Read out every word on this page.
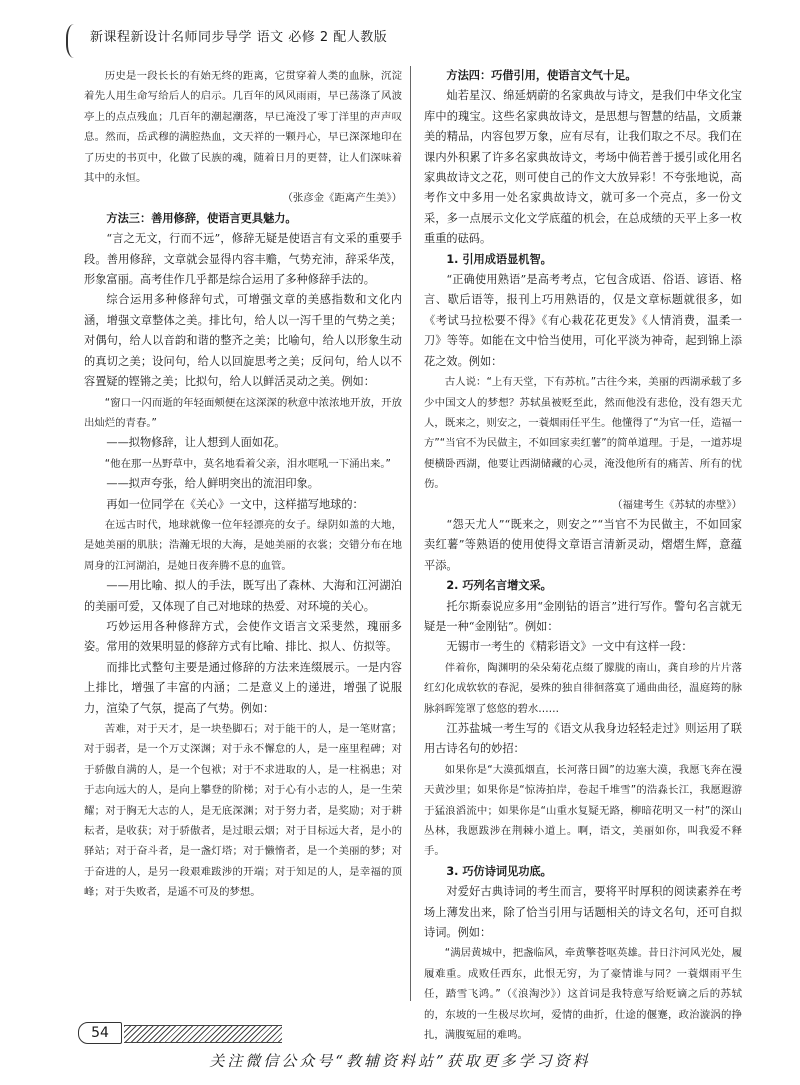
新课程新设计名师同步导学 语文 必修 2 配人教版

历史是一段长长的有始无终的距离，它贯穿着人类的血脉，沉淀着先人用生命写给后人的启示。几百年的风风雨雨，早已荡涤了风波亭上的点点残血；几百年的潮起潮落，早已淹没了零丁洋里的声声叹息。然而，岳武穆的满腔热血，文天祥的一颗丹心，早已深深地印在了历史的书页中，化做了民族的魂，随着日月的更替，让人们深味着其中的永恒。

（张彦金《距离产生美》）

方法三：善用修辞，使语言更具魅力。

“言之无文，行而不远”，修辞无疑是使语言有文采的重要手段。善用修辞，文章就会显得内容丰赡，气势充沛，辞采华茂，形象富丽。高考佳作几乎都是综合运用了多种修辞手法的。

综合运用多种修辞句式，可增强文章的美感指数和文化内涵，增强文章整体之美。排比句，给人以一泻千里的气势之美；对偶句，给人以音韵和谐的整齐之美；比喻句，给人以形象生动的真切之美；设问句，给人以回旋思考之美；反问句，给人以不容置疑的铿锵之美；比拟句，给人以鲜活灵动之美。例如：

“窗口一闪而逝的年轻面颊便在这深深的秋意中浓浓地开放，开放出灿烂的青春。”

——拟物修辞，让人想到人面如花。

“他在那一丛野草中，莫名地看着父亲，泪水哐吼一下涌出来。”

——拟声夸张，给人鲜明突出的流泪印象。

再如一位同学在《关心》一文中，这样描写地球的：

在远古时代，地球就像一位年轻漂亮的女子。绿阴如盖的大地，是她美丽的肌肤；浩瀚无垠的大海，是她美丽的衣裳；交错分布在地周身的江河湖泊，是她日夜奔腾不息的血管。

——用比喻、拟人的手法，既写出了森林、大海和江河湖泊的美丽可爱，又体现了自己对地球的热爱、对环境的关心。

巧妙运用各种修辞方式，会使作文语言文采斐然，瑰丽多姿。常用的效果明显的修辞方式有比喻、排比、拟人、仿拟等。

而排比式整句主要是通过修辞的方法来连缀展示。一是内容上排比，增强了丰富的内涵；二是意义上的递进，增强了说服力，渲染了气氛，提高了气势。例如：

苦难，对于天才，是一块垫脚石；对于能干的人，是一笔财富；对于弱者，是一个万丈深渊；对于永不懈怠的人，是一座里程碑；对于骄傲自满的人，是一个包袱；对于不求进取的人，是一柱祸患；对于志向远大的人，是向上攀登的阶梯；对于心有小志的人，是一生荣耀；对于胸无大志的人，是无底深渊；对于努力者，是奖励；对于耕耘者，是收获；对于骄傲者，是过眼云烟；对于目标远大者，是小的驿站；对于奋斗者，是一盏灯塔；对于懒惰者，是一个美丽的梦；对于奋进的人，是另一段艰难跋涉的开端；对于知足的人，是幸福的顶峰；对于失败者，是遥不可及的梦想。

方法四：巧借引用，使语言文气十足。

灿若星汉、绵延炳蔚的名家典故与诗文，是我们中华文化宝库中的瑰宝。这些名家典故诗文，是思想与智慧的结晶，文质兼美的精品，内容包罗万象，应有尽有，让我们取之不尽。我们在课内外积累了许多名家典故诗文，考场中倘若善于援引或化用名家典故诗文之花，则可使自己的作文大放异彩！不夸张地说，高考作文中多用一处名家典故诗文，就可多一个亮点，多一份文采，多一点展示文化文学底蕴的机会，在总成绩的天平上多一枚重重的砝码。

1. 引用成语显机智。

“正确使用熟语”是高考考点，它包含成语、俗语、谚语、格言、歇后语等，报刊上巧用熟语的，仅是文章标题就很多，如《考试马拉松要不得》《有心栽花花更发》《人情消费，温柔一刀》等等。如能在文中恰当使用，可化平淡为神奇，起到锦上添花之效。例如：

古人说：“上有天堂，下有苏杭。”古往今来，美丽的西湖承载了多少中国文人的梦想？苏轼虽被贬至此，然而他没有悲伧，没有怨天尤人，既来之，则安之，一蓑烟雨任平生。他懂得了“为官一任，造福一方”“当官不为民做主，不如回家卖红薯”的简单道理。于是，一道苏堤便横卧西湖，他要让西湖储藏的心灵，淹没他所有的痛苦、所有的忧伤。

（福建考生《苏轼的赤壁》）

“怨天尤人”“既来之，则安之”“当官不为民做主，不如回家卖红薯”等熟语的使用使得文章语言清新灵动，熠熠生辉，意蕴平添。

2. 巧列名言增文采。

托尔斯泰说应多用“金刚钻的语言”进行写作。警句名言就无疑是一种“金刚钻”。例如：

无锡市一考生的《精彩语文》一文中有这样一段：

伴着你，陶渊明的朵朵菊花点缀了朦胧的南山，龚自珍的片片落红幻化成软软的春泥，晏殊的独自徘徊落寞了通曲曲径，温庭筠的脉脉斜晖笼罩了悠悠的碧水……

江苏盐城一考生写的《语文从我身边轻轻走过》则运用了联用古诗名句的妙招：

如果你是“大漠孤烟直，长河落日圆”的边塞大漠，我愿飞奔在漫天黄沙里；如果你是“惊涛拍岸，卷起千堆雪”的浩淼长江，我愿遐游于猛浪滔流中；如果你是“山重水复疑无路，柳暗花明又一村”的深山丛林，我愿跋涉在荆棘小道上。啊，语文，美丽如你，叫我爱不释手。

3. 巧仿诗词见功底。

对爱好古典诗词的考生而言，要将平时厚积的阅读素养在考场上薄发出来，除了恰当引用与话题相关的诗文名句，还可自拟诗词。例如：

“满居黄城中，把盏临风，牵黄擎苍呕英雄。昔日汴河风光处，履履难重。成败任西东，此恨无穷，为了豪情谁与同？一蓑烟雨平生任，踏雪飞鸿。”（《浪淘沙》）这首词是我特意写给贬谪之后的苏轼的，东坡的一生极尽坎坷，爱情的曲折，仕途的偃蹇，政治漩涡的挣扎，满腹冤屈的难鸣。

54
关注微信公众号“教辅资料站”获取更多学习资料
